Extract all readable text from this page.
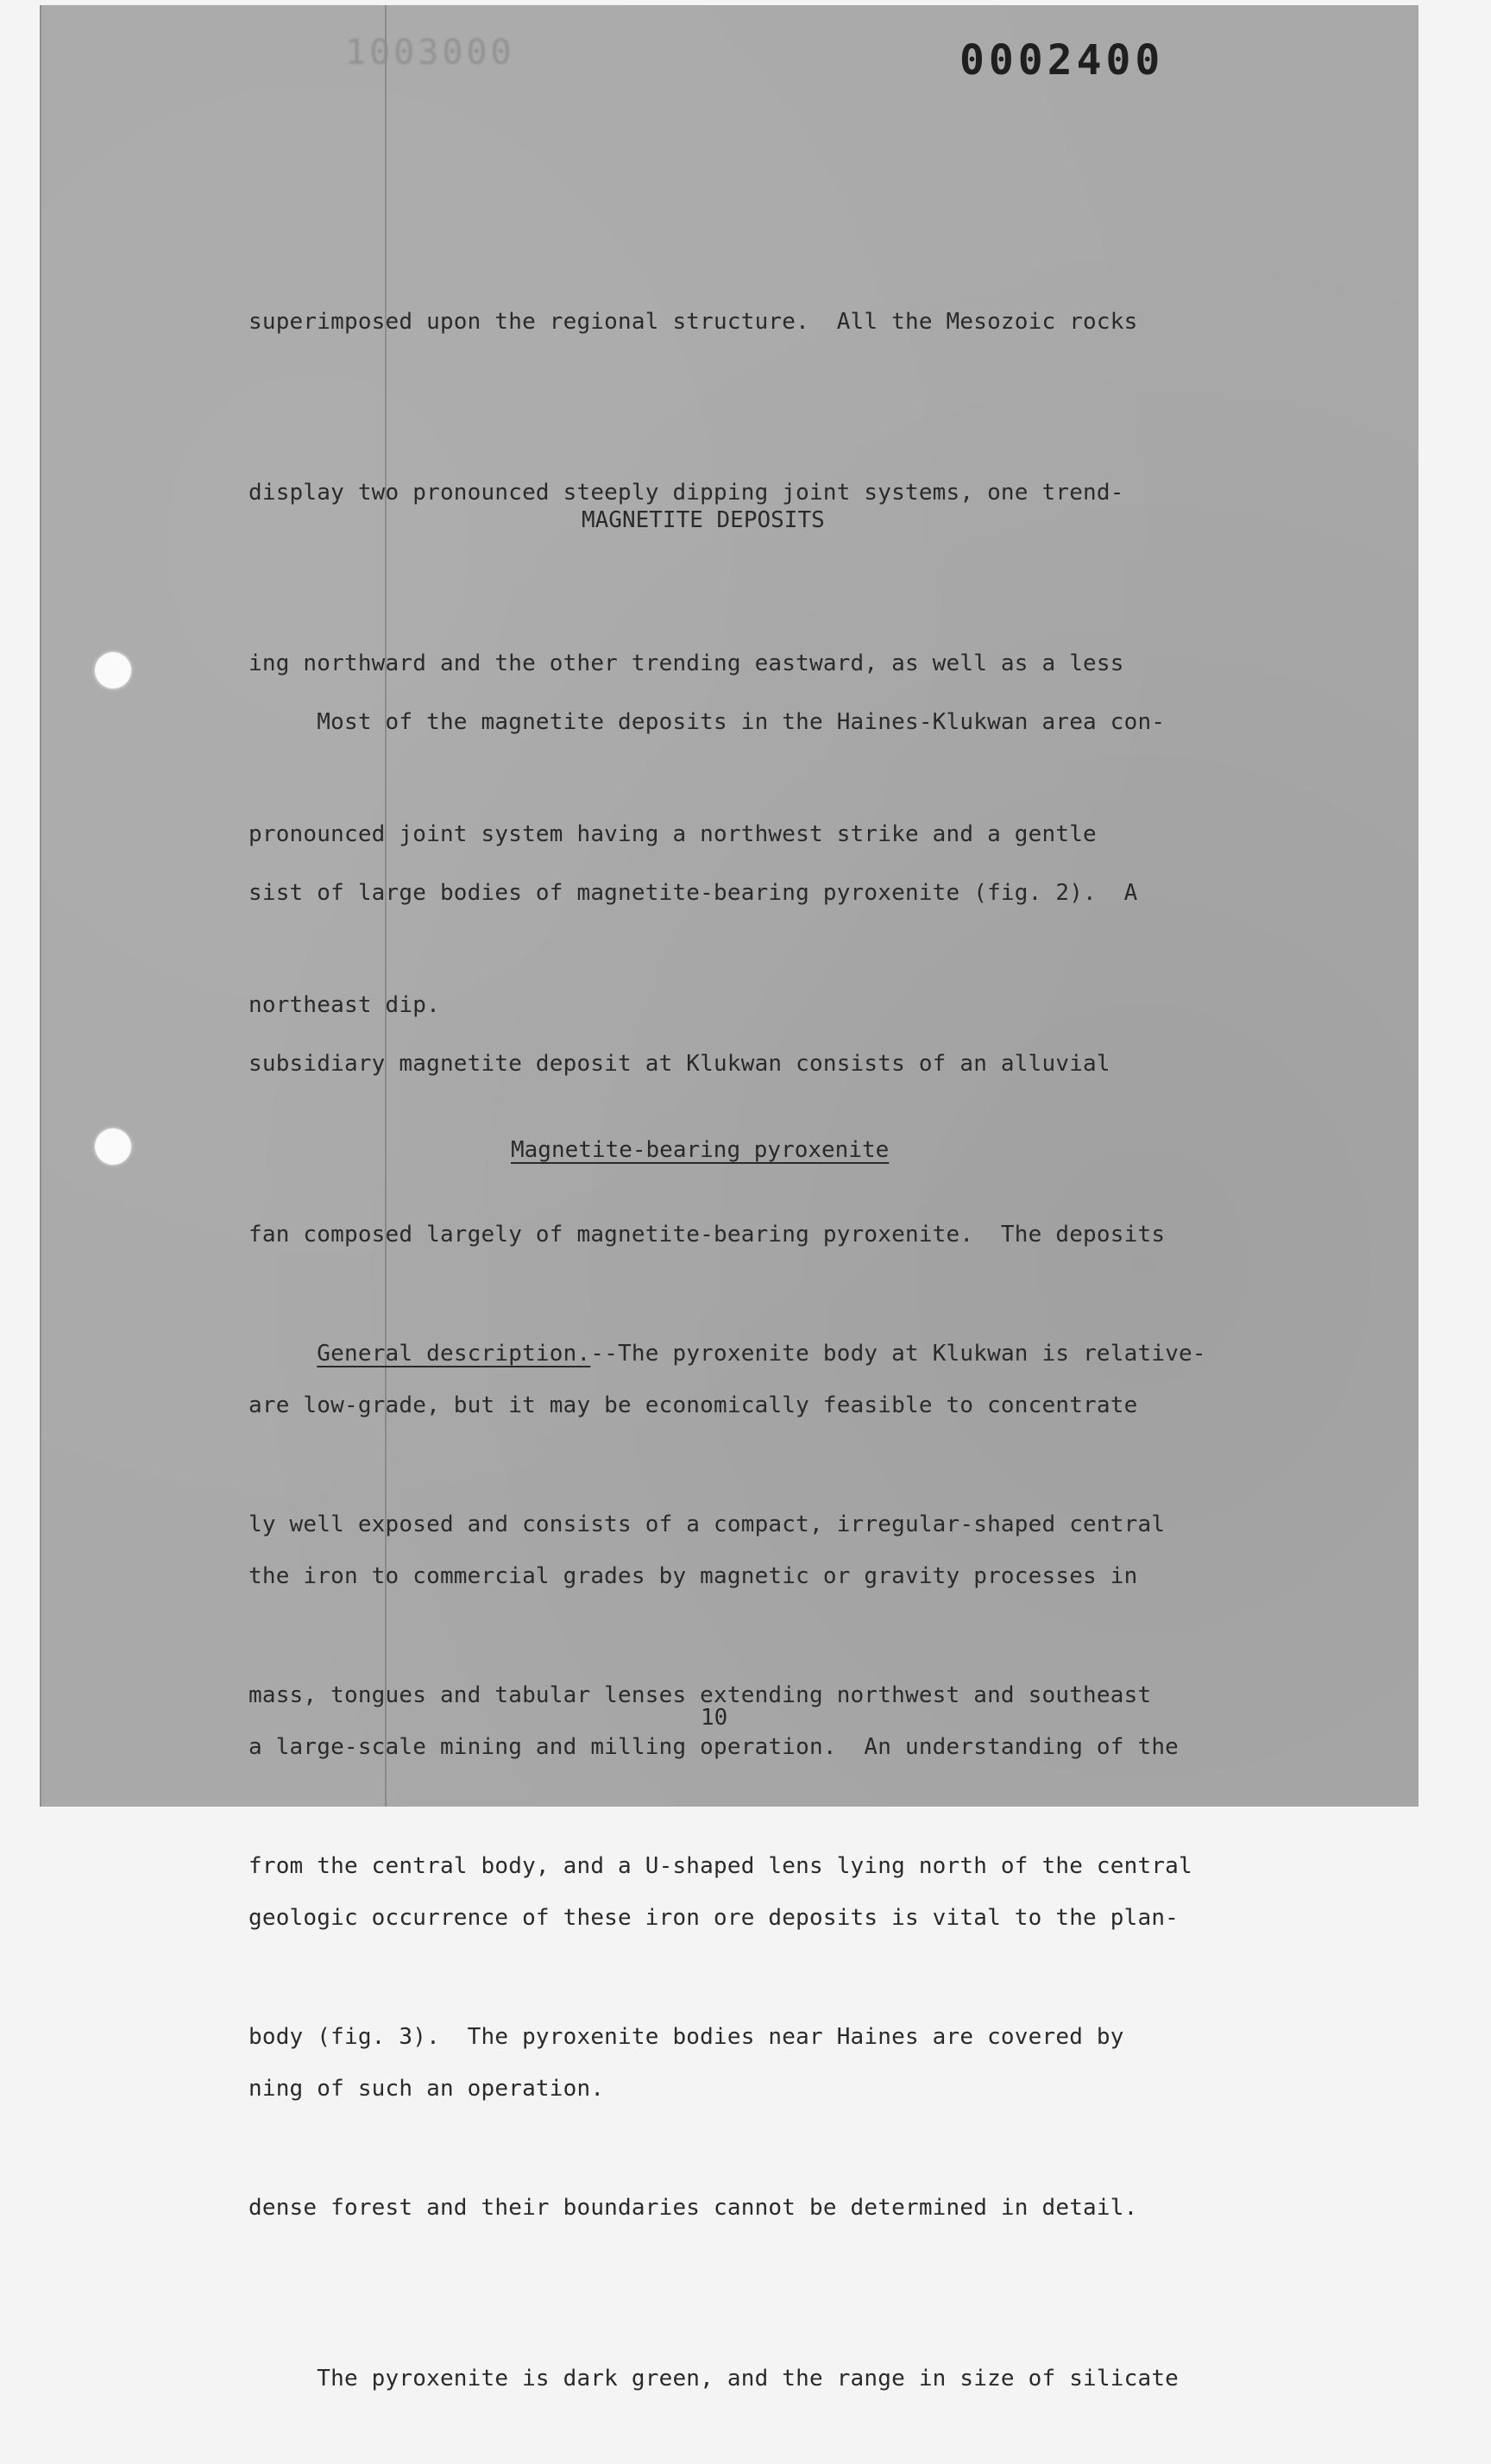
1003000	0002400

superimposed upon the regional structure.  All the Mesozoic rocks

display two pronounced steeply dipping joint systems, one trend-

ing northward and the other trending eastward, as well as a less

pronounced joint system having a northwest strike and a gentle

northeast dip.

MAGNETITE DEPOSITS

Most of the magnetite deposits in the Haines-Klukwan area con-

sist of large bodies of magnetite-bearing pyroxenite (fig. 2).  A

subsidiary magnetite deposit at Klukwan consists of an alluvial

fan composed largely of magnetite-bearing pyroxenite.  The deposits

are low-grade, but it may be economically feasible to concentrate

the iron to commercial grades by magnetic or gravity processes in

a large-scale mining and milling operation.  An understanding of the

geologic occurrence of these iron ore deposits is vital to the plan-

ning of such an operation.

Magnetite-bearing pyroxenite

General description.--The pyroxenite body at Klukwan is relative-

ly well exposed and consists of a compact, irregular-shaped central

mass, tongues and tabular lenses extending northwest and southeast

from the central body, and a U-shaped lens lying north of the central

body (fig. 3).  The pyroxenite bodies near Haines are covered by

dense forest and their boundaries cannot be determined in detail.

The pyroxenite is dark green, and the range in size of silicate

10
